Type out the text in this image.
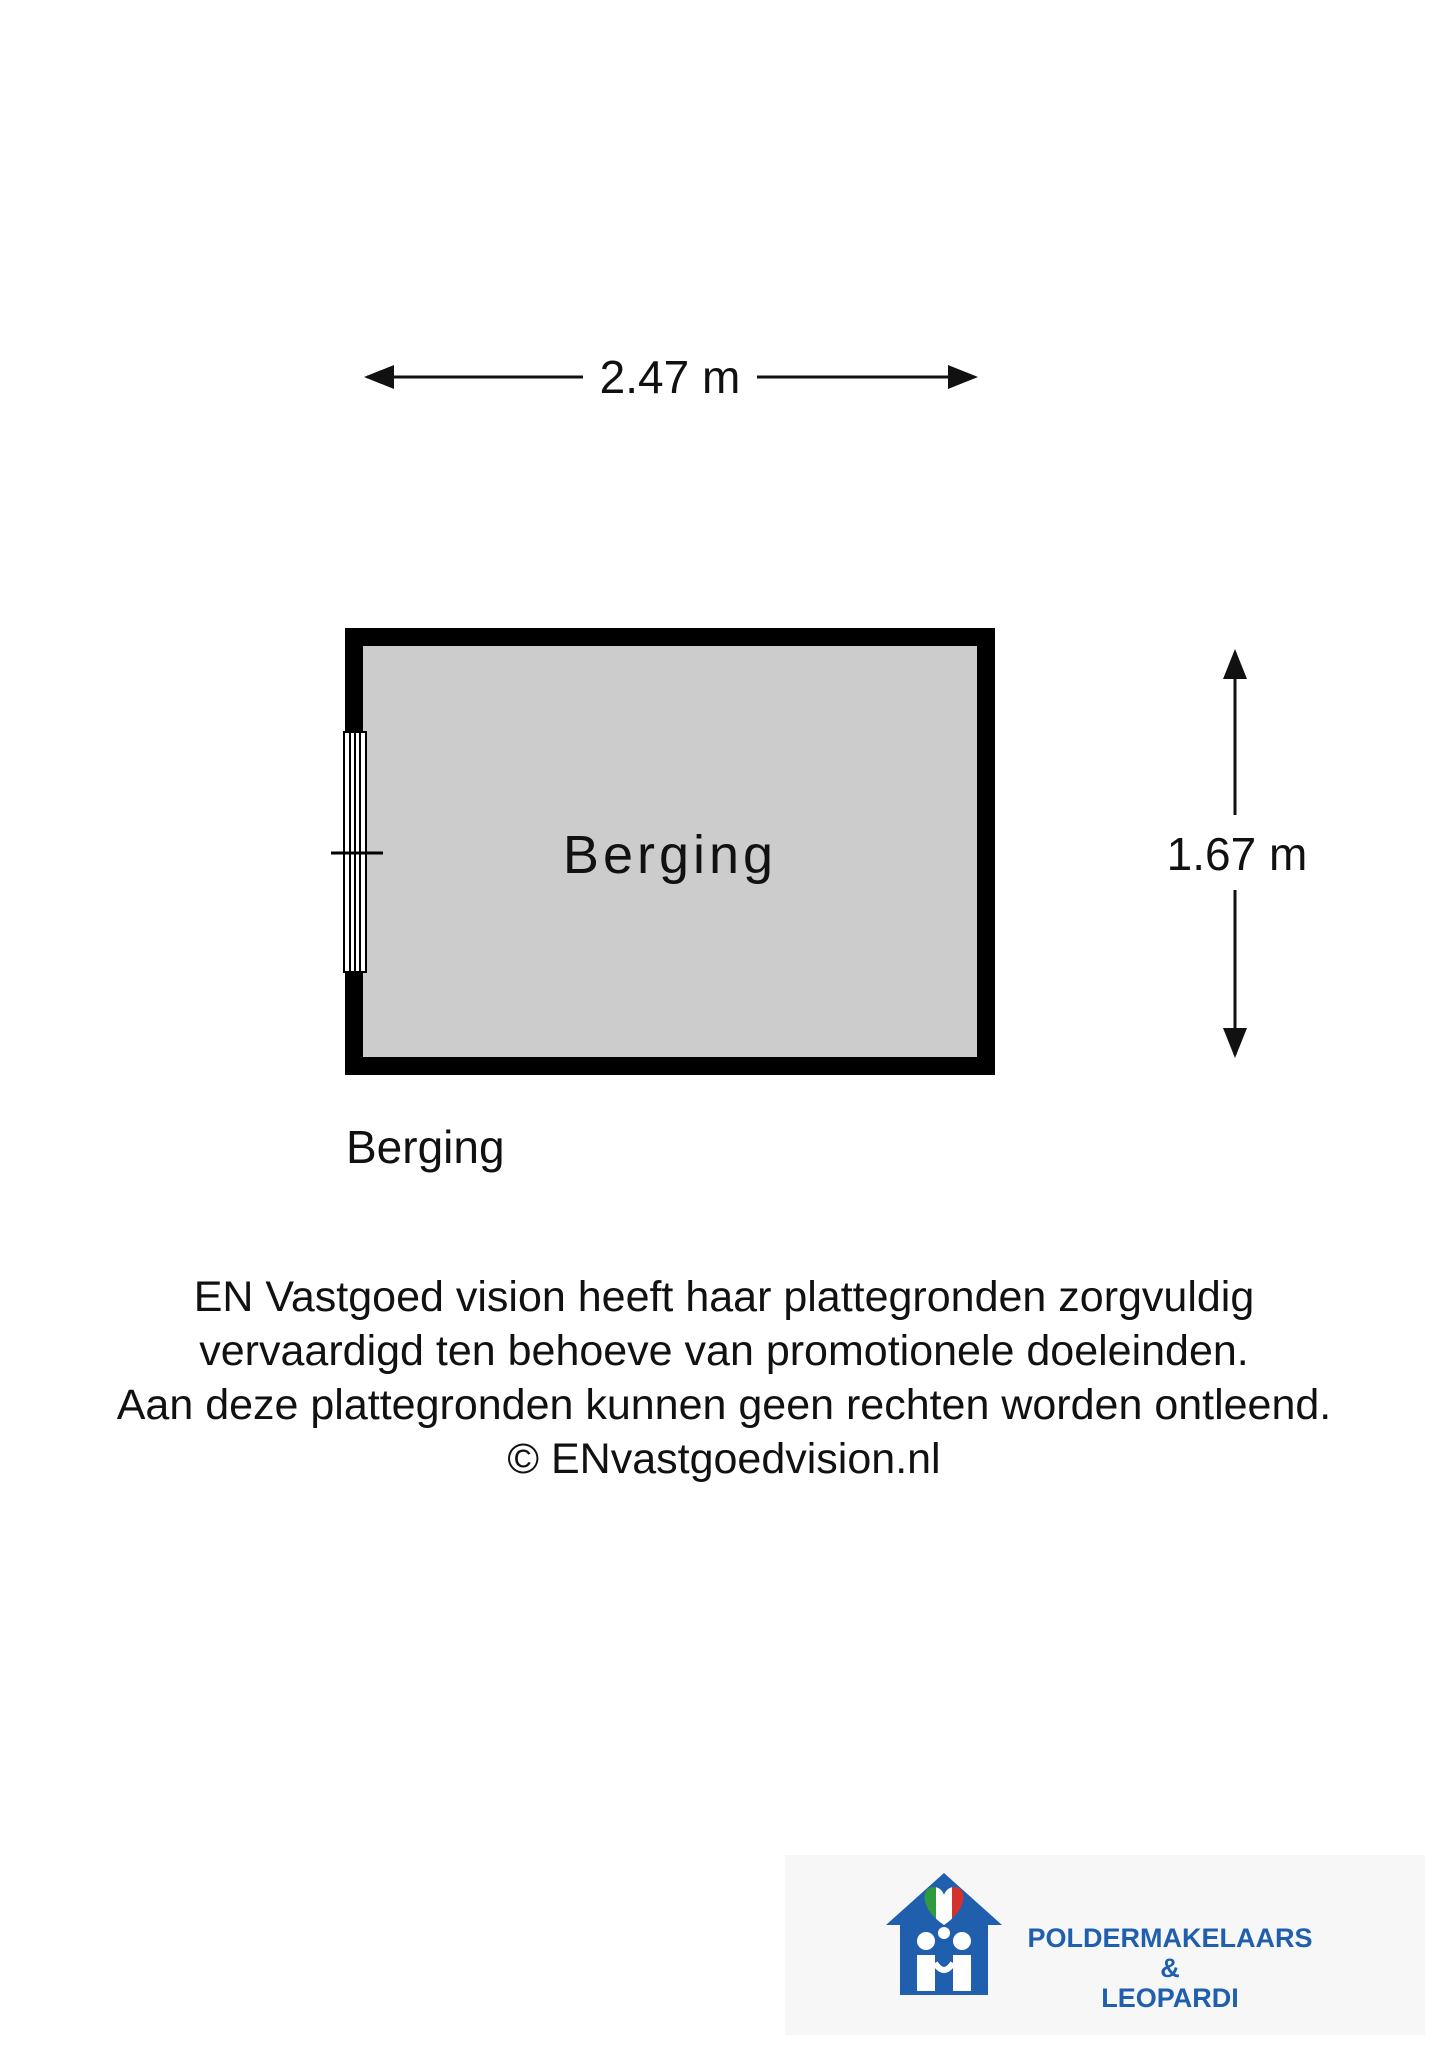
2.47 m
Berging	1.67 m
Berging
EN Vastgoed vision heeft haar plattegronden zorgvuldig
vervaardigd ten behoeve van promotionele doeleinden.
Aan deze plattegronden kunnen geen rechten worden ontleend.
© ENvastgoedvision.nl
POLDERMAKELAARS
&
LEOPARDI
